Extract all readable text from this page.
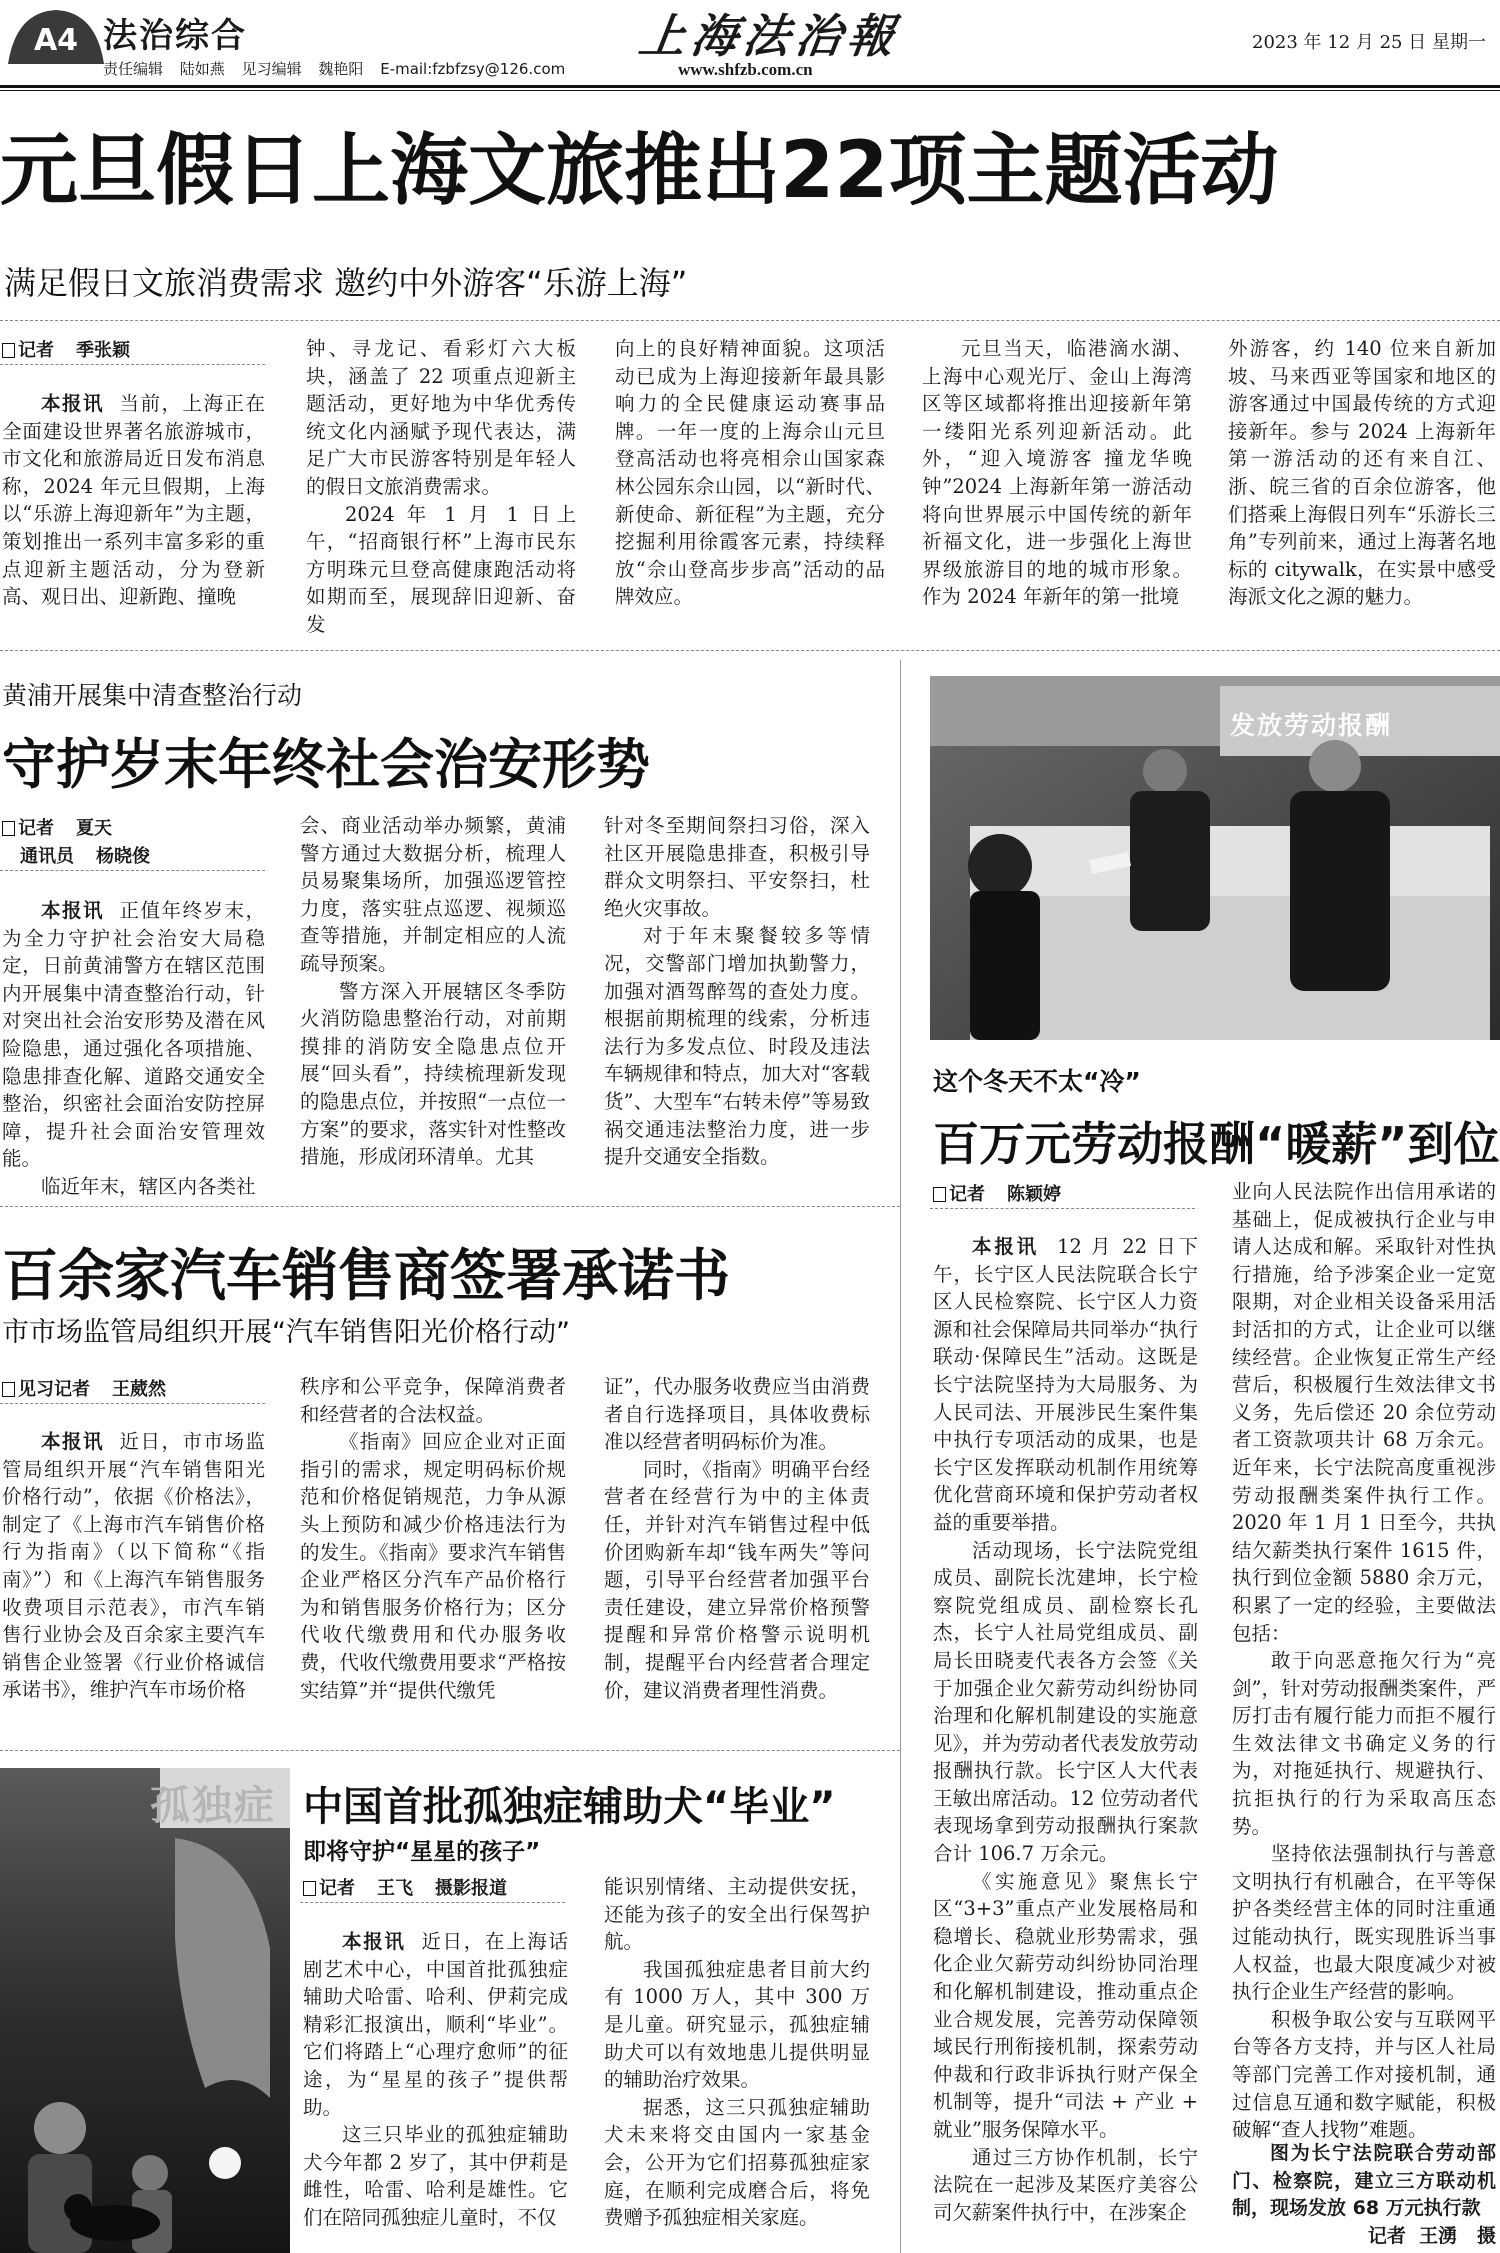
A4 法治综合
责任编辑 陆如燕 见习编辑 魏艳阳 E-mail:fzbfzsy@126.com
上海法治報
www.shfzb.com.cn
2023 年 12 月 25 日 星期一
元旦假日上海文旅推出22项主题活动
满足假日文旅消费需求 邀约中外游客“乐游上海”
记者 季张颖

本报讯 当前，上海正在全面建设世界著名旅游城市，市文化和旅游局近日发布消息称，2024 年元旦假期，上海以“乐游上海迎新年”为主题，策划推出一系列丰富多彩的重点迎新主题活动，分为登新高、观日出、迎新跑、撞晚

钟、寻龙记、看彩灯六大板块，涵盖了 22 项重点迎新主题活动，更好地为中华优秀传统文化内涵赋予现代表达，满足广大市民游客特别是年轻人的假日文旅消费需求。

2024 年 1 月 1 日上午，“招商银行杯”上海市民东方明珠元旦登高健康跑活动将如期而至，展现辞旧迎新、奋发

向上的良好精神面貌。这项活动已成为上海迎接新年最具影响力的全民健康运动赛事品牌。一年一度的上海佘山元旦登高活动也将亮相佘山国家森林公园东佘山园，以“新时代、新使命、新征程”为主题，充分挖掘利用徐霞客元素，持续释放“佘山登高步步高”活动的品牌效应。

元旦当天，临港滴水湖、上海中心观光厅、金山上海湾区等区域都将推出迎接新年第一缕阳光系列迎新活动。此外，“迎入境游客 撞龙华晚钟”2024 上海新年第一游活动将向世界展示中国传统的新年祈福文化，进一步强化上海世界级旅游目的地的城市形象。作为 2024 年新年的第一批境

外游客，约 140 位来自新加坡、马来西亚等国家和地区的游客通过中国最传统的方式迎接新年。参与 2024 上海新年第一游活动的还有来自江、浙、皖三省的百余位游客，他们搭乘上海假日列车“乐游长三角”专列前来，通过上海著名地标的 citywalk，在实景中感受海派文化之源的魅力。

黄浦开展集中清查整治行动
守护岁末年终社会治安形势
记者 夏天
通讯员 杨晓俊

本报讯 正值年终岁末，为全力守护社会治安大局稳定，日前黄浦警方在辖区范围内开展集中清查整治行动，针对突出社会治安形势及潜在风险隐患，通过强化各项措施、隐患排查化解、道路交通安全整治，织密社会面治安防控屏障，提升社会面治安管理效能。

临近年末，辖区内各类社

会、商业活动举办频繁，黄浦警方通过大数据分析，梳理人员易聚集场所，加强巡逻管控力度，落实驻点巡逻、视频巡查等措施，并制定相应的人流疏导预案。

警方深入开展辖区冬季防火消防隐患整治行动，对前期摸排的消防安全隐患点位开展“回头看”，持续梳理新发现的隐患点位，并按照“一点位一方案”的要求，落实针对性整改措施，形成闭环清单。尤其

针对冬至期间祭扫习俗，深入社区开展隐患排查，积极引导群众文明祭扫、平安祭扫，杜绝火灾事故。

对于年末聚餐较多等情况，交警部门增加执勤警力，加强对酒驾醉驾的查处力度。根据前期梳理的线索，分析违法行为多发点位、时段及违法车辆规律和特点，加大对“客载货”、大型车“右转未停”等易致祸交通违法整治力度，进一步提升交通安全指数。

百余家汽车销售商签署承诺书
市市场监管局组织开展“汽车销售阳光价格行动”
见习记者 王葳然

本报讯 近日，市市场监管局组织开展“汽车销售阳光价格行动”，依据《价格法》，制定了《上海市汽车销售价格行为指南》（以下简称“《指南》”）和《上海汽车销售服务收费项目示范表》，市汽车销售行业协会及百余家主要汽车销售企业签署《行业价格诚信承诺书》，维护汽车市场价格

秩序和公平竞争，保障消费者和经营者的合法权益。

《指南》回应企业对正面指引的需求，规定明码标价规范和价格促销规范，力争从源头上预防和减少价格违法行为的发生。《指南》要求汽车销售企业严格区分汽车产品价格行为和销售服务价格行为；区分代收代缴费用和代办服务收费，代收代缴费用要求“严格按实结算”并“提供代缴凭

证”，代办服务收费应当由消费者自行选择项目，具体收费标准以经营者明码标价为准。

同时，《指南》明确平台经营者在经营行为中的主体责任，并针对汽车销售过程中低价团购新车却“钱车两失”等问题，引导平台经营者加强平台责任建设，建立异常价格预警提醒和异常价格警示说明机制，提醒平台内经营者合理定价，建议消费者理性消费。

孤独症 中国首批孤独症辅助犬“毕业”
即将守护“星星的孩子”
记者 王飞 摄影报道

本报讯 近日，在上海话剧艺术中心，中国首批孤独症辅助犬哈雷、哈利、伊莉完成精彩汇报演出，顺利“毕业”。它们将踏上“心理疗愈师”的征途，为“星星的孩子”提供帮助。

这三只毕业的孤独症辅助犬今年都 2 岁了，其中伊莉是雌性，哈雷、哈利是雄性。它们在陪同孤独症儿童时，不仅

能识别情绪、主动提供安抚，还能为孩子的安全出行保驾护航。

我国孤独症患者目前大约有 1000 万人，其中 300 万是儿童。研究显示，孤独症辅助犬可以有效地患儿提供明显的辅助治疗效果。

据悉，这三只孤独症辅助犬未来将交由国内一家基金会，公开为它们招募孤独症家庭，在顺利完成磨合后，将免费赠予孤独症相关家庭。

发放劳动报酬
这个冬天不太“冷”
百万元劳动报酬“暖薪”到位
记者 陈颖婷

本报讯 12 月 22 日下午，长宁区人民法院联合长宁区人民检察院、长宁区人力资源和社会保障局共同举办“执行联动·保障民生”活动。这既是长宁法院坚持为大局服务、为人民司法、开展涉民生案件集中执行专项活动的成果，也是长宁区发挥联动机制作用统筹优化营商环境和保护劳动者权益的重要举措。

活动现场，长宁法院党组成员、副院长沈建坤，长宁检察院党组成员、副检察长孔杰，长宁人社局党组成员、副局长田晓麦代表各方会签《关于加强企业欠薪劳动纠纷协同治理和化解机制建设的实施意见》，并为劳动者代表发放劳动报酬执行款。长宁区人大代表王敏出席活动。12 位劳动者代表现场拿到劳动报酬执行案款合计 106.7 万余元。

《实施意见》聚焦长宁区“3+3”重点产业发展格局和稳增长、稳就业形势需求，强化企业欠薪劳动纠纷协同治理和化解机制建设，推动重点企业合规发展，完善劳动保障领域民行刑衔接机制，探索劳动仲裁和行政非诉执行财产保全机制等，提升“司法 + 产业 + 就业”服务保障水平。

通过三方协作机制，长宁法院在一起涉及某医疗美容公司欠薪案件执行中，在涉案企

业向人民法院作出信用承诺的基础上，促成被执行企业与申请人达成和解。采取针对性执行措施，给予涉案企业一定宽限期，对企业相关设备采用活封活扣的方式，让企业可以继续经营。企业恢复正常生产经营后，积极履行生效法律文书义务，先后偿还 20 余位劳动者工资款项共计 68 万余元。近年来，长宁法院高度重视涉劳动报酬类案件执行工作。2020 年 1 月 1 日至今，共执结欠薪类执行案件 1615 件，执行到位金额 5880 余万元，积累了一定的经验，主要做法包括：

敢于向恶意拖欠行为“亮剑”，针对劳动报酬类案件，严厉打击有履行能力而拒不履行生效法律文书确定义务的行为，对拖延执行、规避执行、抗拒执行的行为采取高压态势。

坚持依法强制执行与善意文明执行有机融合，在平等保护各类经营主体的同时注重通过能动执行，既实现胜诉当事人权益，也最大限度减少对被执行企业生产经营的影响。

积极争取公安与互联网平台等各方支持，并与区人社局等部门完善工作对接机制，通过信息互通和数字赋能，积极破解“查人找物”难题。

图为长宁法院联合劳动部门、检察院，建立三方联动机制，现场发放 68 万元执行款

记者 王湧 摄
